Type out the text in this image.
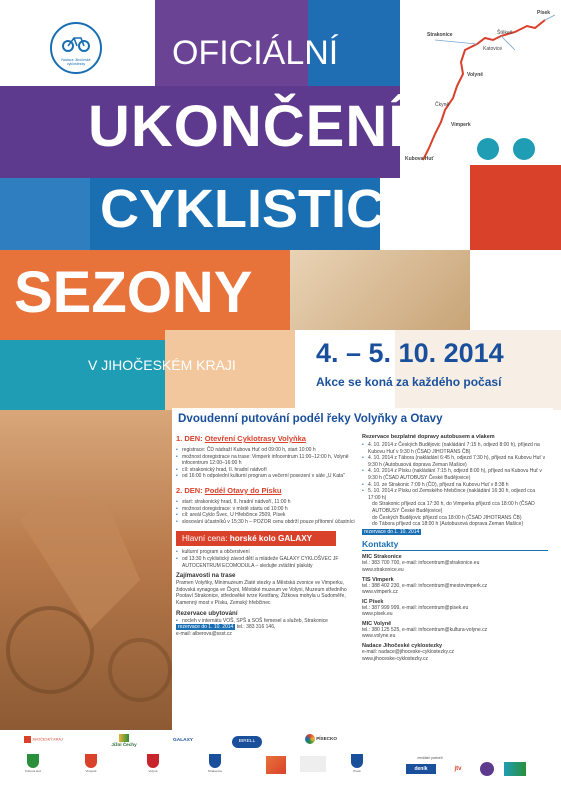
Nadace Jihočeské cyklostezky	OFICIÁLNÍ
UKONČENÍ
CYKLISTICKÉ
SEZONY
V JIHOČESKÉM KRAJI	4. – 5. 10. 2014
Akce se koná za každého počasí
Písek
Strakonice
Volyně
Kubova Huť
Vimperk
Čkyně
Katovice
Štěkeň
Dvoudenní putování podél řeky Volyňky a Otavy
1. DEN: Otevření Cyklotrasy Volyňka
• registrace: ČD nádraží Kubova Huť od 09:00 h, start 10:00 h
• možnost doregistrace na trase: Vimperk infocentrum 11:00–12:00 h, Volyně infocentrum 12:00–16:00 h
• cíl: strakonický hrad, II. hradní nádvoří
• od 16:00 h odpolední kulturní program a večerní posezení v sále „U Kata"
2. DEN: Podél Otavy do Písku
• start: strakonický hrad, II. hradní nádvoří, 11:00 h
• možnost doregistrace: v místě startu od 10:00 h
• cíl: areál Cyklo Švec, U Hřebčince 2509, Písek
• slosování účastníků v 15:30 h – POZOR cenu obdrží pouze přítomní účastníci
Hlavní cena: horské kolo GALAXY
• kulturní program a občerstvení
• od 13:30 h cyklistický závod dětí a mládeže GALAXY CYKLOŠVEC JF AUTOCENTRUM ECOMODULA – sledujte zvláštní plakáty
Zajímavosti na trase
Pramen Volyňky, Minimuzeum Zlaté stezky a Městská zvonice ve Vimperku, židovská synagoga ve Čkyni, Městské muzeum ve Volyni, Muzeum středního Pootaví Strakonice, středověké tvrze Kestřany, Žižkova mohyla u Sudoměře, Kamenný most v Písku, Zemský hřebčinec
Rezervace ubytování
• nocleh v internátu VOŠ, SPŠ a SOŠ řemesel a služeb, Strakonice
rezervace do 1. 10. 2014 tel.: 383 316 146,
e-mail: alberova@ssst.cz
Rezervace bezplatné dopravy autobusem a vlakem
• 4. 10. 2014 z Českých Budějovic (nakládání 7:15 h, odjezd 8:00 h), příjezd na Kubovu Huť v 9:30 h (ČSAD JIHOTRANS ČB)
• 4. 10. 2014 z Tábora (nakládání 6:45 h, odjezd 7:30 h), příjezd na Kubovu Huť v 9:30 h (Autobusová doprava Zeman Mašice)
• 4. 10. 2014 z Písku (nakládání 7:15 h, odjezd 8:00 h), příjezd na Kubovu Huť v 9:30 h (ČSAD AUTOBUSY České Budějovice)
• 4. 10. ze Strakonic 7:09 h (ČD), příjezd na Kubovu Huť v 8:38 h
• 5. 10. 2014 z Písku od Zemského hřebčince (nakládání 16:30 h, odjezd cca 17:00 h)
do Strakonic příjezd cca 17:30 h, do Vimperka příjezd cca 18:00 h (ČSAD AUTOBUSY České Budějovice)
do Českých Budějovic příjezd cca 18:00 h (ČSAD JIHOTRANS ČB)
do Tábora příjezd cca 18:00 h (Autobusová doprava Zeman Mašice)
rezervace do 1. 10. 2014
Kontakty
MIC Strakonice
tel.: 383 700 700, e-mail: infocentrum@strakonice.eu
www.strakonice.eu
TIS Vimperk
tel.: 388 402 230, e-mail: infocentrum@mestovimperk.cz
www.vimperk.cz
IC Písek
tel.: 387 999 999, e-mail: infocentrum@pisek.eu
www.pisek.eu
MIC Volyně
tel.: 380 125 525, e-mail: infocentrum@kultura-volyne.cz
www.volyne.eu
Nadace Jihočeské cyklostezky
e-mail: nadace@jihoceske-cyklostezky.cz
www.jihoceske-cyklostezky.cz
JIHOČESKÝ KRAJ
Jižní Čechy
GALAXY	BIRELL
PÍSECKO
Kubova Huť	Vimperk	Volyně	Strakonice	Písek
mediální partneři
deník	jtv
